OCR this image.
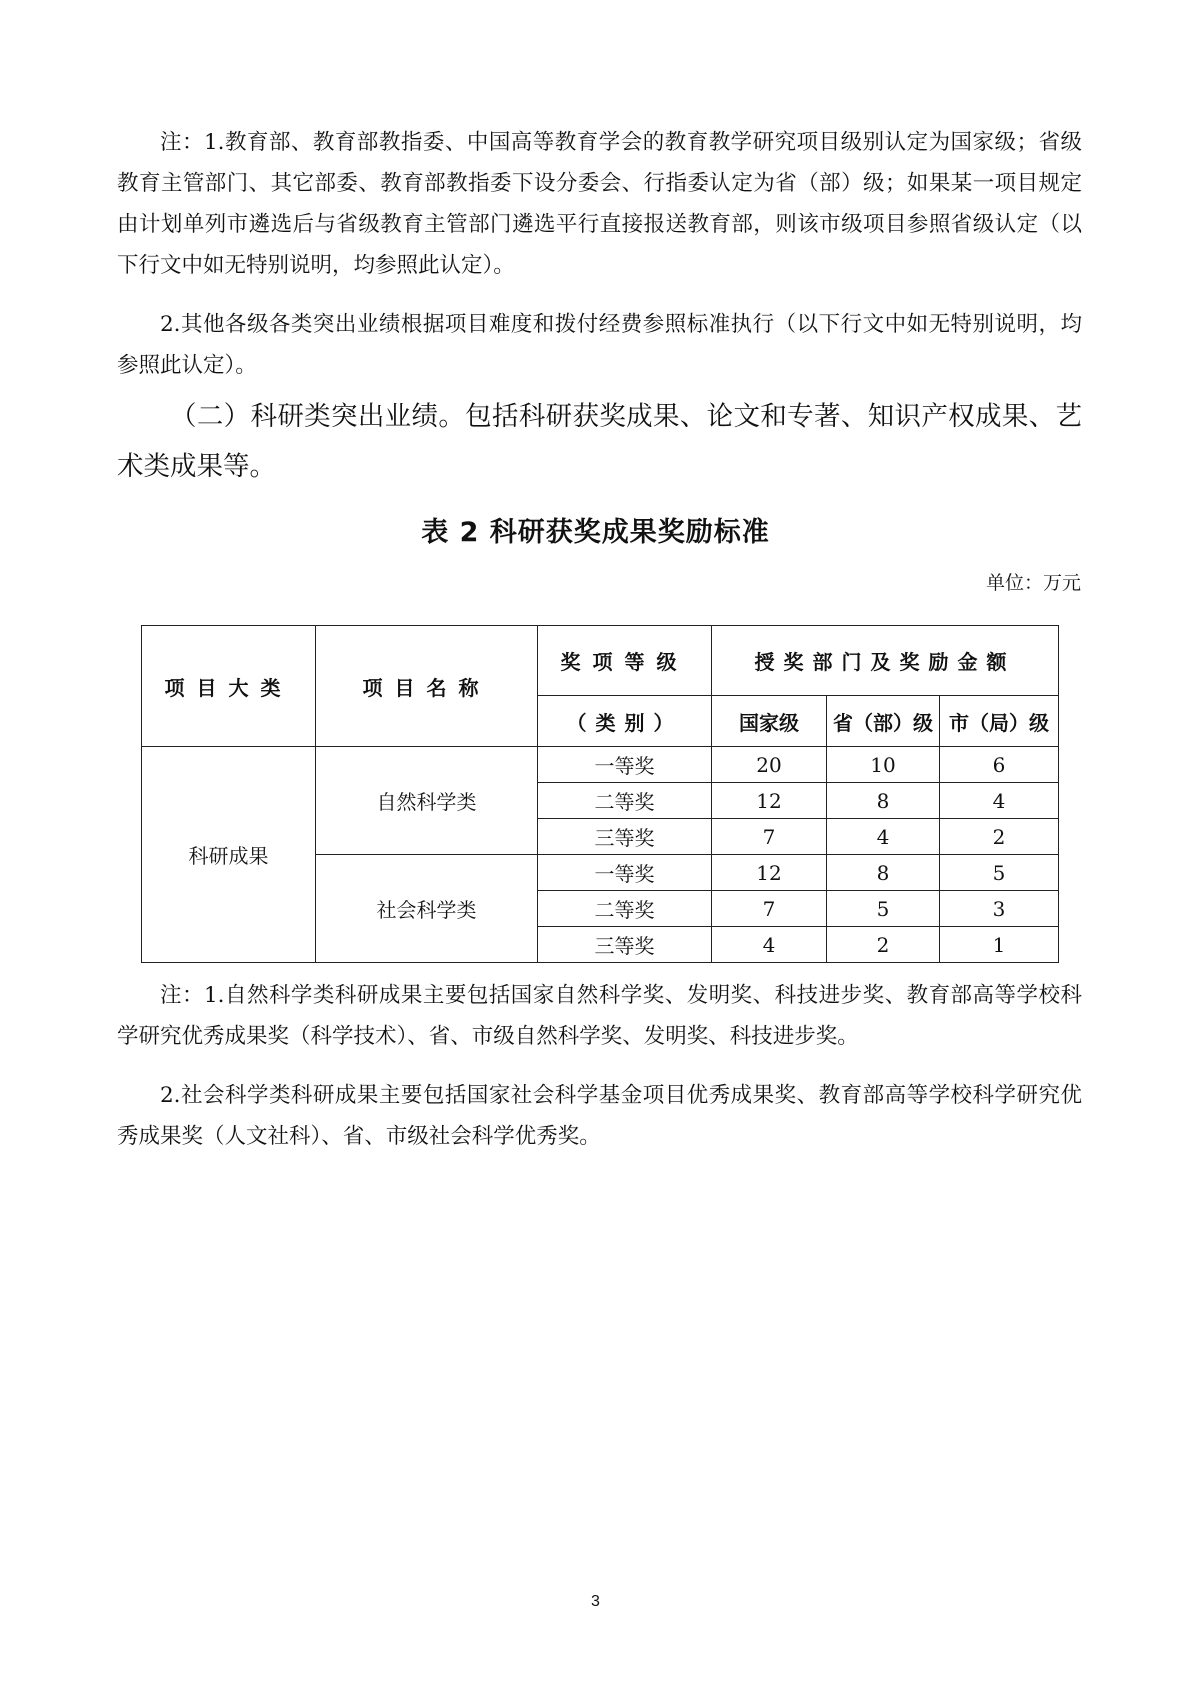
注：1.教育部、教育部教指委、中国高等教育学会的教育教学研究项目级别认定为国家级；省级教育主管部门、其它部委、教育部教指委下设分委会、行指委认定为省（部）级；如果某一项目规定由计划单列市遴选后与省级教育主管部门遴选平行直接报送教育部，则该市级项目参照省级认定（以下行文中如无特别说明，均参照此认定）。

2.其他各级各类突出业绩根据项目难度和拨付经费参照标准执行（以下行文中如无特别说明，均参照此认定）。

（二）科研类突出业绩。包括科研获奖成果、论文和专著、知识产权成果、艺术类成果等。

表 2 科研获奖成果奖励标准
单位：万元
项目大类	项目名称	奖项等级	授奖部门及奖励金额		
		（类别）	国家级	省（部）级	市（局）级
科研成果	自然科学类	一等奖	20	10	6
		二等奖	12	8	4
		三等奖	7	4	2
	社会科学类	一等奖	12	8	5
		二等奖	7	5	3
		三等奖	4	2	1

注：1.自然科学类科研成果主要包括国家自然科学奖、发明奖、科技进步奖、教育部高等学校科学研究优秀成果奖（科学技术）、省、市级自然科学奖、发明奖、科技进步奖。

2.社会科学类科研成果主要包括国家社会科学基金项目优秀成果奖、教育部高等学校科学研究优秀成果奖（人文社科）、省、市级社会科学优秀奖。

3
